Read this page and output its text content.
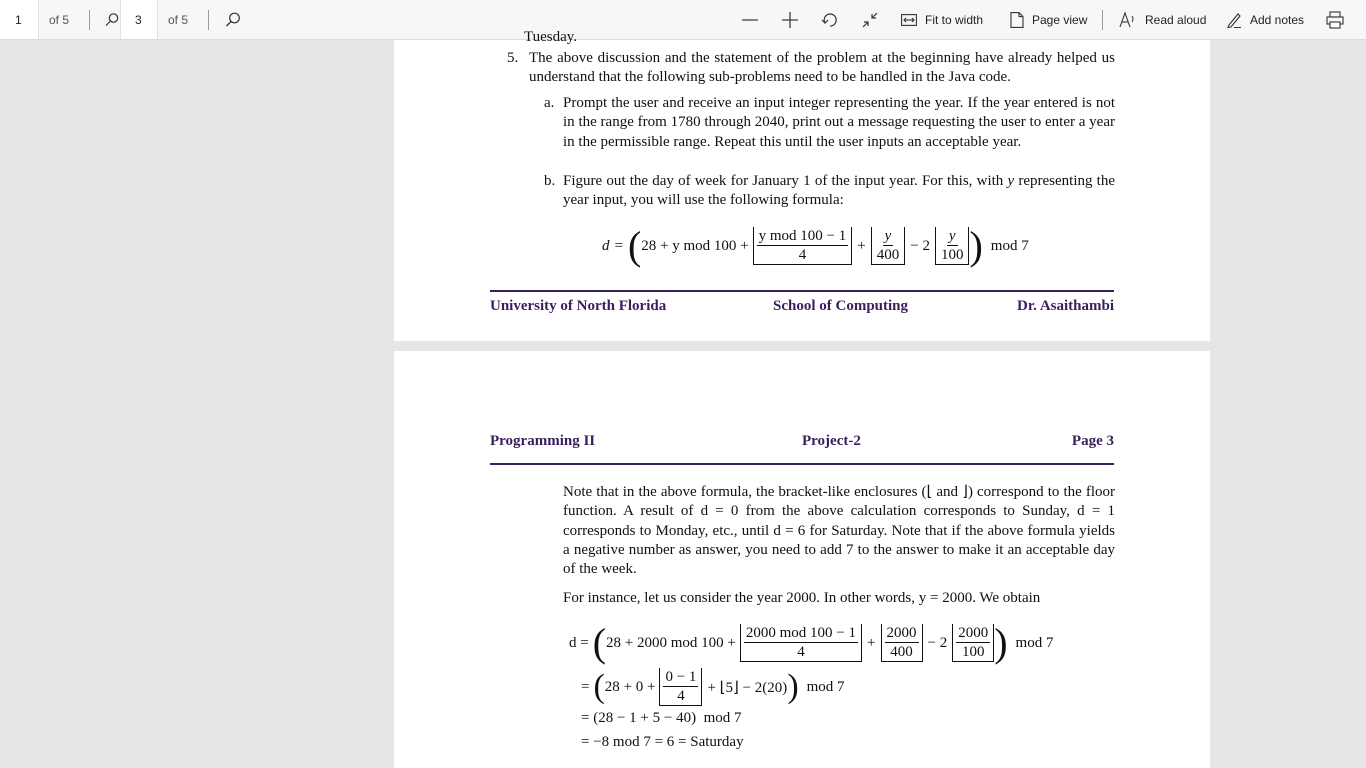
1 of 5	3 of 5	Fit to width	Page view	Read aloud	Add notes
Tuesday.
5. The above discussion and the statement of the problem at the beginning have already helped us understand that the following sub-problems need to be handled in the Java code.
a. Prompt the user and receive an input integer representing the year. If the year entered is not in the range from 1780 through 2040, print out a message requesting the user to enter a year in the permissible range. Repeat this until the user inputs an acceptable year.
b. Figure out the day of week for January 1 of the input year. For this, with y representing the year input, you will use the following formula:
d = ( 28 + y mod $100 + \frac{\text{y mod 100 − 1}}{4} + \frac{y}{400} - 2 \frac{y}{100}$ ) mod 7
University of North Florida	School of Computing	Dr. Asaithambi
Programming II	Project-2	Page 3
Note that in the above formula, the bracket-like enclosures (⌊ and ⌋) correspond to the floor function. A result of d = 0 from the above calculation corresponds to Sunday, d = 1 corresponds to Monday, etc., until d = 6 for Saturday. Note that if the above formula yields a negative number as answer, you need to add 7 to the answer to make it an acceptable day of the week.
For instance, let us consider the year 2000. In other words, y = 2000. We obtain
d = ( 28 + 2000 mod $100 + \frac{\text{2000 mod 100 − 1}}{4} + \frac{2000}{400} - 2 \frac{2000}{100}$ ) mod 7
= ( $28 + 0 + \frac{0 - 1}{4}$ + ⌊5⌋ − 2(20) ) mod 7
= (28 − 1 + 5 − 40)  mod 7
= −8 mod 7 = 6 = Saturday
